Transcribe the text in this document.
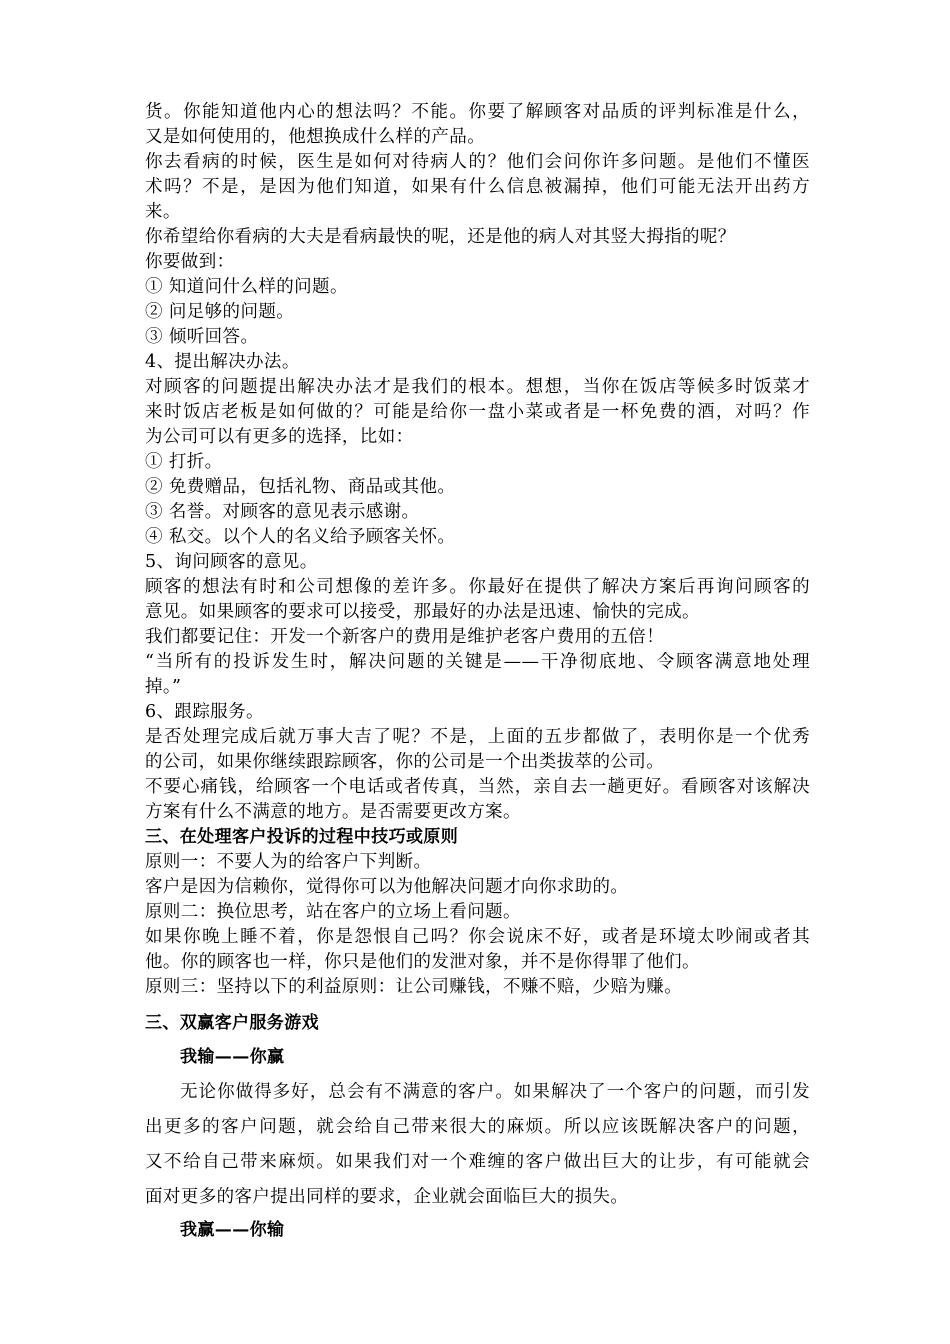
货。你能知道他内心的想法吗？不能。你要了解顾客对品质的评判标准是什么，
又是如何使用的，他想换成什么样的产品。
你去看病的时候，医生是如何对待病人的？他们会问你许多问题。是他们不懂医
术吗？不是，是因为他们知道，如果有什么信息被漏掉，他们可能无法开出药方
来。
你希望给你看病的大夫是看病最快的呢，还是他的病人对其竖大拇指的呢？
你要做到：
① 知道问什么样的问题。
② 问足够的问题。
③ 倾听回答。
4、提出解决办法。
对顾客的问题提出解决办法才是我们的根本。想想，当你在饭店等候多时饭菜才
来时饭店老板是如何做的？可能是给你一盘小菜或者是一杯免费的酒，对吗？作
为公司可以有更多的选择，比如：
① 打折。
② 免费赠品，包括礼物、商品或其他。
③ 名誉。对顾客的意见表示感谢。
④ 私交。以个人的名义给予顾客关怀。
5、询问顾客的意见。
顾客的想法有时和公司想像的差许多。你最好在提供了解决方案后再询问顾客的
意见。如果顾客的要求可以接受，那最好的办法是迅速、愉快的完成。
我们都要记住：开发一个新客户的费用是维护老客户费用的五倍！
“当所有的投诉发生时，解决问题的关键是——干净彻底地、令顾客满意地处理
掉。”
6、跟踪服务。
是否处理完成后就万事大吉了呢？不是，上面的五步都做了，表明你是一个优秀
的公司，如果你继续跟踪顾客，你的公司是一个出类拔萃的公司。
不要心痛钱，给顾客一个电话或者传真，当然，亲自去一趟更好。看顾客对该解决
方案有什么不满意的地方。是否需要更改方案。
三、在处理客户投诉的过程中技巧或原则
原则一：不要人为的给客户下判断。
客户是因为信赖你，觉得你可以为他解决问题才向你求助的。
原则二：换位思考，站在客户的立场上看问题。
如果你晚上睡不着，你是怨恨自己吗？你会说床不好，或者是环境太吵闹或者其
他。你的顾客也一样，你只是他们的发泄对象，并不是你得罪了他们。
原则三：坚持以下的利益原则：让公司赚钱，不赚不赔，少赔为赚。
三、双赢客户服务游戏
我输——你赢
无论你做得多好，总会有不满意的客户。如果解决了一个客户的问题，而引发
出更多的客户问题，就会给自己带来很大的麻烦。所以应该既解决客户的问题，
又不给自己带来麻烦。如果我们对一个难缠的客户做出巨大的让步，有可能就会
面对更多的客户提出同样的要求，企业就会面临巨大的损失。
我赢——你输
